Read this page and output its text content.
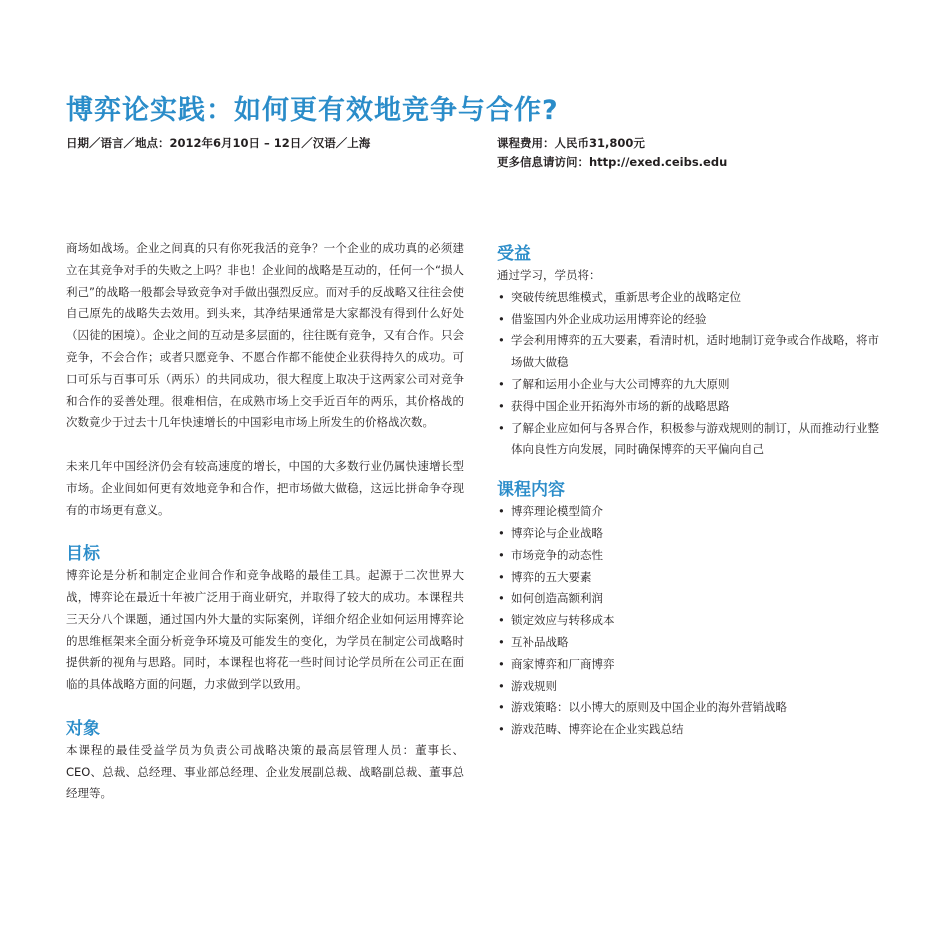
博弈论实践：如何更有效地竞争与合作?
日期／语言／地点：2012年6月10日 – 12日／汉语／上海	课程费用：人民币31,800元
更多信息请访问：http://exed.ceibs.edu

商场如战场。企业之间真的只有你死我活的竞争？一个企业的成功真的必须建立在其竞争对手的失败之上吗？非也！企业间的战略是互动的，任何一个“损人利己”的战略一般都会导致竞争对手做出强烈反应。而对手的反战略又往往会使自己原先的战略失去效用。到头来，其净结果通常是大家都没有得到什么好处（囚徒的困境）。企业之间的互动是多层面的，往往既有竞争，又有合作。只会竞争，不会合作；或者只愿竞争、不愿合作都不能使企业获得持久的成功。可口可乐与百事可乐（两乐）的共同成功，很大程度上取决于这两家公司对竞争和合作的妥善处理。很难相信，在成熟市场上交手近百年的两乐，其价格战的次数竟少于过去十几年快速增长的中国彩电市场上所发生的价格战次数。

未来几年中国经济仍会有较高速度的增长，中国的大多数行业仍属快速增长型市场。企业间如何更有效地竞争和合作，把市场做大做稳，这远比拼命争夺现有的市场更有意义。

目标

博弈论是分析和制定企业间合作和竞争战略的最佳工具。起源于二次世界大战，博弈论在最近十年被广泛用于商业研究，并取得了较大的成功。本课程共三天分八个课题，通过国内外大量的实际案例，详细介绍企业如何运用博弈论的思维框架来全面分析竞争环境及可能发生的变化，为学员在制定公司战略时提供新的视角与思路。同时，本课程也将花一些时间讨论学员所在公司正在面临的具体战略方面的问题，力求做到学以致用。

对象

本课程的最佳受益学员为负责公司战略决策的最高层管理人员：董事长、CEO、总裁、总经理、事业部总经理、企业发展副总裁、战略副总裁、董事总经理等。

受益

通过学习，学员将：

• 突破传统思维模式，重新思考企业的战略定位
• 借鉴国内外企业成功运用博弈论的经验
• 学会利用博弈的五大要素，看清时机，适时地制订竞争或合作战略，将市场做大做稳
• 了解和运用小企业与大公司博弈的九大原则
• 获得中国企业开拓海外市场的新的战略思路
• 了解企业应如何与各界合作，积极参与游戏规则的制订，从而推动行业整体向良性方向发展，同时确保博弈的天平偏向自己
课程内容
• 博弈理论模型简介
• 博弈论与企业战略
• 市场竞争的动态性
• 博弈的五大要素
• 如何创造高额利润
• 锁定效应与转移成本
• 互补品战略
• 商家博弈和厂商博弈
• 游戏规则
• 游戏策略：以小博大的原则及中国企业的海外营销战略
• 游戏范畴、博弈论在企业实践总结
